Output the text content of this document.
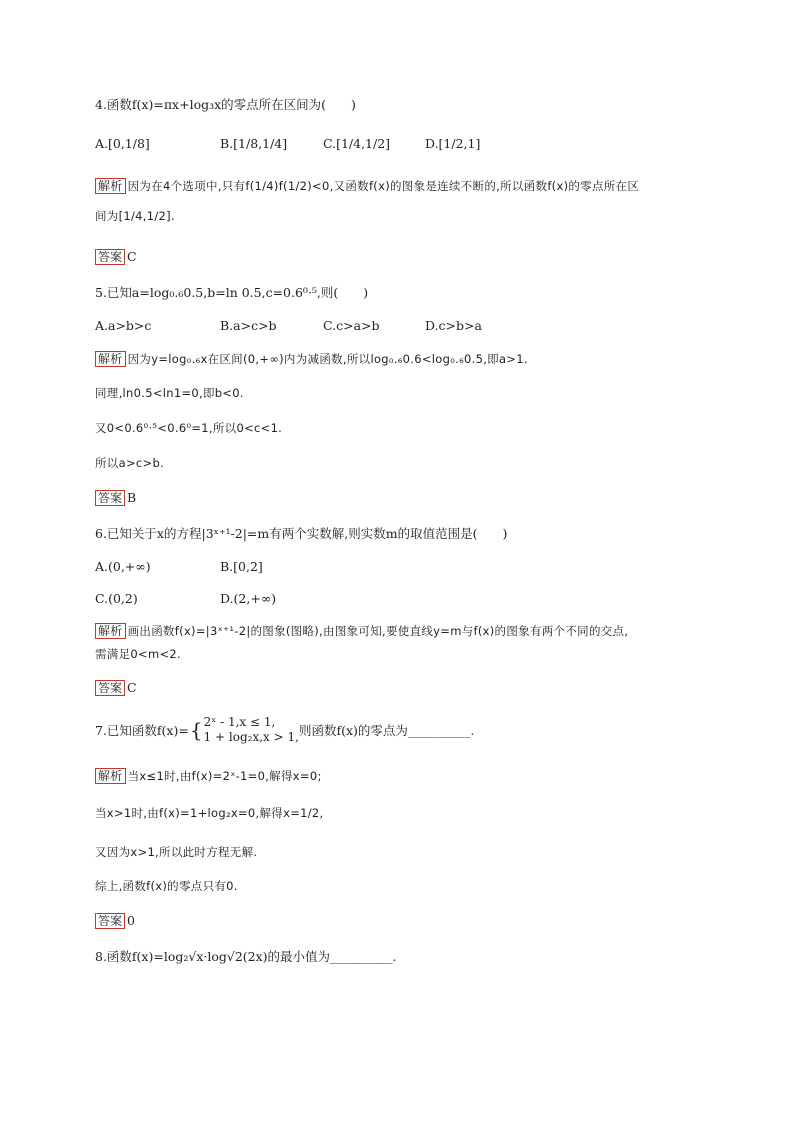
4.函数f(x)=πx+log₃x的零点所在区间为(　　)
A.[0,1/8]	B.[1/8,1/4]	C.[1/4,1/2]	D.[1/2,1]
解析 因为在4个选项中,只有f(1/4)f(1/2)<0,又函数f(x)的图象是连续不断的,所以函数f(x)的零点所在区
间为[1/4,1/2].
答案 C
5.已知a=log₀.₆0.5,b=ln 0.5,c=0.6⁰·⁵,则(　　)
A.a>b>c	B.a>c>b	C.c>a>b	D.c>b>a
解析 因为y=log₀.₆x在区间(0,+∞)内为减函数,所以log₀.₆0.6<log₀.₆0.5,即a>1.
同理,ln0.5<ln1=0,即b<0.
又0<0.6⁰·⁵<0.6⁰=1,所以0<c<1.
所以a>c>b.
答案 B
6.已知关于x的方程|3ˣ⁺¹-2|=m有两个实数解,则实数m的取值范围是(　　)
A.(0,+∞)	B.[0,2]
C.(0,2)	D.(2,+∞)
解析 画出函数f(x)=|3ˣ⁺¹-2|的图象(图略),由图象可知,要使直线y=m与f(x)的图象有两个不同的交点,
需满足0<m<2.
答案 C
7.已知函数f(x)= { 2ˣ - 1,x ≤ 1,
1 + log₂x,x > 1, 则函数f(x)的零点为__________.
解析 当x≤1时,由f(x)=2ˣ-1=0,解得x=0;
当x>1时,由f(x)=1+log₂x=0,解得x=1/2,
又因为x>1,所以此时方程无解.
综上,函数f(x)的零点只有0.
答案 0
8.函数f(x)=log₂√x·log√2(2x)的最小值为__________.
